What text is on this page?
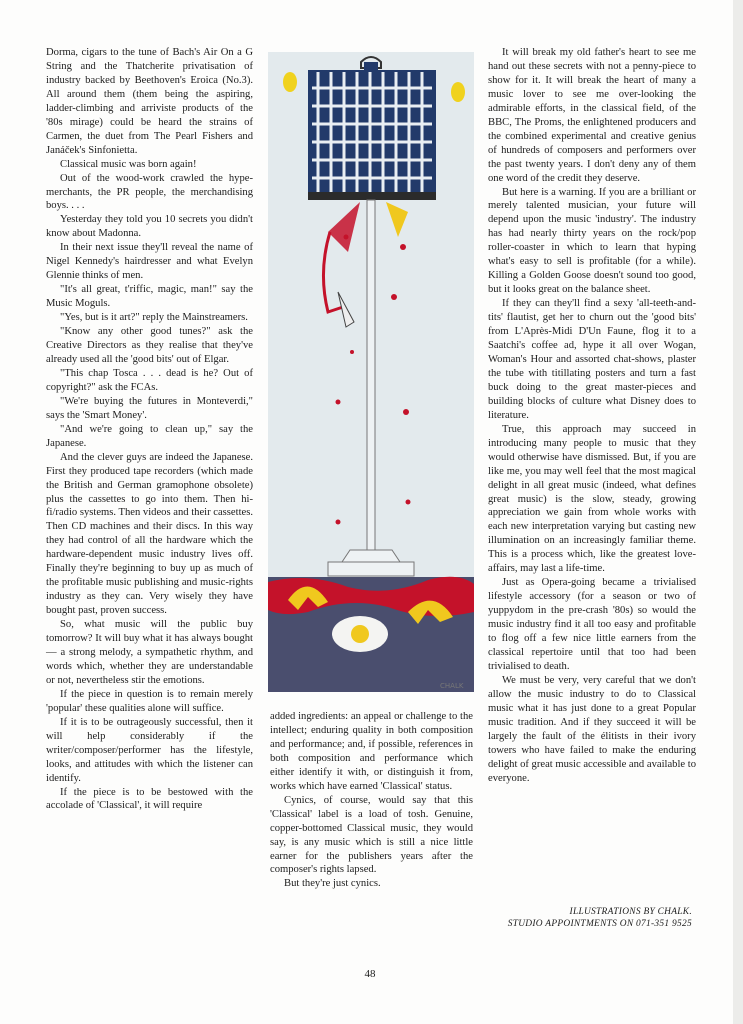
Dorma, cigars to the tune of Bach's Air On a G String and the Thatcherite privatisation of industry backed by Beethoven's Eroica (No.3). All around them (them being the aspiring, ladder-climbing and arriviste products of the '80s mirage) could be heard the strains of Carmen, the duet from The Pearl Fishers and Janáček's Sinfonietta.

Classical music was born again!

Out of the wood-work crawled the hype-merchants, the PR people, the merchandising boys. . . .

Yesterday they told you 10 secrets you didn't know about Madonna.

In their next issue they'll reveal the name of Nigel Kennedy's hairdresser and what Evelyn Glennie thinks of men.

"It's all great, t'riffic, magic, man!" say the Music Moguls.

"Yes, but is it art?" reply the Mainstreamers.

"Know any other good tunes?" ask the Creative Directors as they realise that they've already used all the 'good bits' out of Elgar.

"This chap Tosca . . . dead is he? Out of copyright?" ask the FCAs.

"We're buying the futures in Monteverdi," says the 'Smart Money'.

"And we're going to clean up," say the Japanese.

And the clever guys are indeed the Japanese. First they produced tape recorders (which made the British and German gramophone obsolete) plus the cassettes to go into them. Then hi-fi/radio systems. Then videos and their cassettes. Then CD machines and their discs. In this way they had control of all the hardware which the hardware-dependent music industry lives off. Finally they're beginning to buy up as much of the profitable music publishing and music-rights industry as they can. Very wisely they have bought past, proven success.

So, what music will the public buy tomorrow? It will buy what it has always bought — a strong melody, a sympathetic rhythm, and words which, whether they are understandable or not, nevertheless stir the emotions.

If the piece in question is to remain merely 'popular' these qualities alone will suffice.

If it is to be outrageously successful, then it will help considerably if the writer/composer/performer has the lifestyle, looks, and attitudes with which the listener can identify.

If the piece is to be bestowed with the accolade of 'Classical', it will require

CHALK

added ingredients: an appeal or challenge to the intellect; enduring quality in both composition and performance; and, if possible, references in both composition and performance which either identify it with, or distinguish it from, works which have earned 'Classical' status.

Cynics, of course, would say that this 'Classical' label is a load of tosh. Genuine, copper-bottomed Classical music, they would say, is any music which is still a nice little earner for the publishers years after the composer's rights lapsed.

But they're just cynics.

It will break my old father's heart to see me hand out these secrets with not a penny-piece to show for it. It will break the heart of many a music lover to see me over-looking the admirable efforts, in the classical field, of the BBC, The Proms, the enlightened producers and the combined experimental and creative genius of hundreds of composers and performers over the past twenty years. I don't deny any of them one word of the credit they deserve.

But here is a warning. If you are a brilliant or merely talented musician, your future will depend upon the music 'industry'. The industry has had nearly thirty years on the rock/pop roller-coaster in which to learn that hyping what's easy to sell is profitable (for a while). Killing a Golden Goose doesn't sound too good, but it looks great on the balance sheet.

If they can they'll find a sexy 'all-teeth-and-tits' flautist, get her to churn out the 'good bits' from L'Après-Midi D'Un Faune, flog it to a Saatchi's coffee ad, hype it all over Wogan, Woman's Hour and assorted chat-shows, plaster the tube with titillating posters and turn a fast buck doing to the great master-pieces and building blocks of culture what Disney does to literature.

True, this approach may succeed in introducing many people to music that they would otherwise have dismissed. But, if you are like me, you may well feel that the most magical delight in all great music (indeed, what defines great music) is the slow, steady, growing appreciation we gain from whole works with each new interpretation varying but casting new illumination on an increasingly familiar theme. This is a process which, like the greatest love-affairs, may last a life-time.

Just as Opera-going became a trivialised lifestyle accessory (for a season or two of yuppydom in the pre-crash '80s) so would the music industry find it all too easy and profitable to flog off a few nice little earners from the classical repertoire until that too had been trivialised to death.

We must be very, very careful that we don't allow the music industry to do to Classical music what it has just done to a great Popular music tradition. And if they succeed it will be largely the fault of the élitists in their ivory towers who have failed to make the enduring delight of great music accessible and available to everyone.

ILLUSTRATIONS BY CHALK.
STUDIO APPOINTMENTS ON 071-351 9525
48
